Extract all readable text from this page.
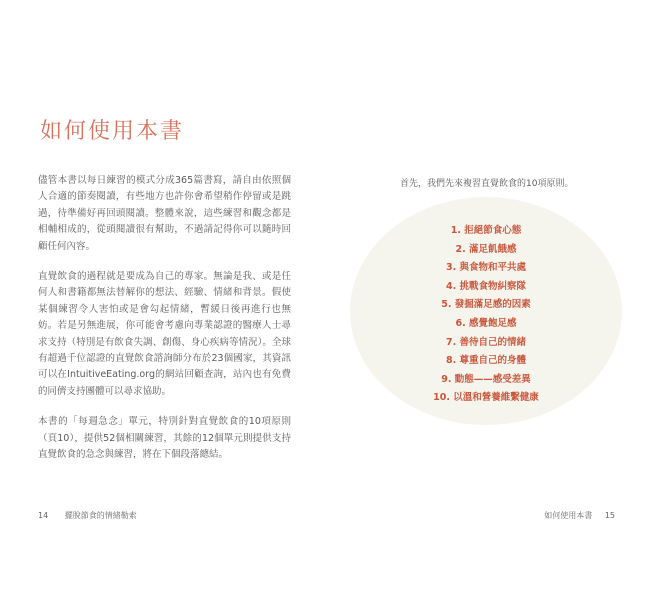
如何使用本書

儘管本書以每日練習的模式分成365篇書寫，請自由依照個人合適的節奏閱讀，有些地方也許你會希望稍作停留或是跳過，待準備好再回頭閱讀。整體來說，這些練習和觀念都是相輔相成的，從頭閱讀很有幫助，不過請記得你可以隨時回顧任何內容。

直覺飲食的過程就是要成為自己的專家。無論是我、或是任何人和書籍都無法替解你的想法、經驗、情緒和背景。假使某個練習令人害怕或是會勾起情緒，暫緩日後再進行也無妨。若是另無進展，你可能會考慮向專業認證的醫療人士尋求支持（特別是有飲食失調、創傷、身心疾病等情況）。全球有超過千位認證的直覺飲食諮詢師分布於23個國家，其資訊可以在IntuitiveEating.org的網站回顧查詢，站內也有免費的同儕支持團體可以尋求協助。

本書的「每週急念」單元，特別針對直覺飲食的10項原則（頁10），提供52個相關練習，其餘的12個單元則提供支持直覺飲食的急念與練習，將在下個段落總結。

14 擺脫節食的情緒勒索

首先，我們先來複習直覺飲食的10項原則。

1. 拒絕節食心態
2. 滿足飢餓感
3. 與食物和平共處
4. 挑戰食物糾察隊
5. 發掘滿足感的因素
6. 感覺飽足感
7. 善待自己的情緒
8. 尊重自己的身體
9. 動態——感受差異
10. 以溫和營養維繫健康
如何使用本書 15
